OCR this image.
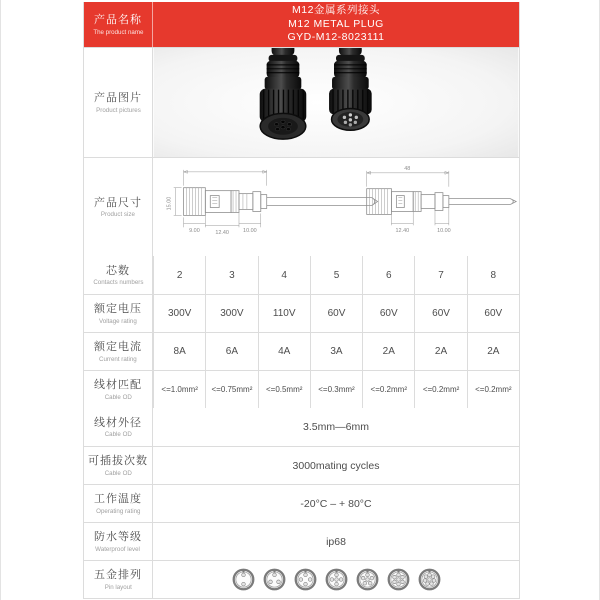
产品名称
The product name
M12金属系列接头
M12 METAL PLUG
GYD-M12-8023111
产品图片
Product pictures
产品尺寸
Product size
15.00
9.00	12.40	10.00
48
12.40	10.00
芯数
Contacts numbers
2	3	4	5	6	7	8
额定电压
Voltage rating
300V	300V	110V	60V	60V	60V	60V
额定电流
Current rating
8A	6A	4A	3A	2A	2A	2A
线材匹配
Cable OD
<=1.0mm²	<=0.75mm²	<=0.5mm²	<=0.3mm²	<=0.2mm²	<=0.2mm²	<=0.2mm²
线材外径
Cable OD
3.5mm—6mm
可插拔次数
Cable OD
3000mating cycles
工作温度
Operating rating
-20°C – + 80°C
防水等级
Waterproof level
ip68
五金排列
Pin layout
